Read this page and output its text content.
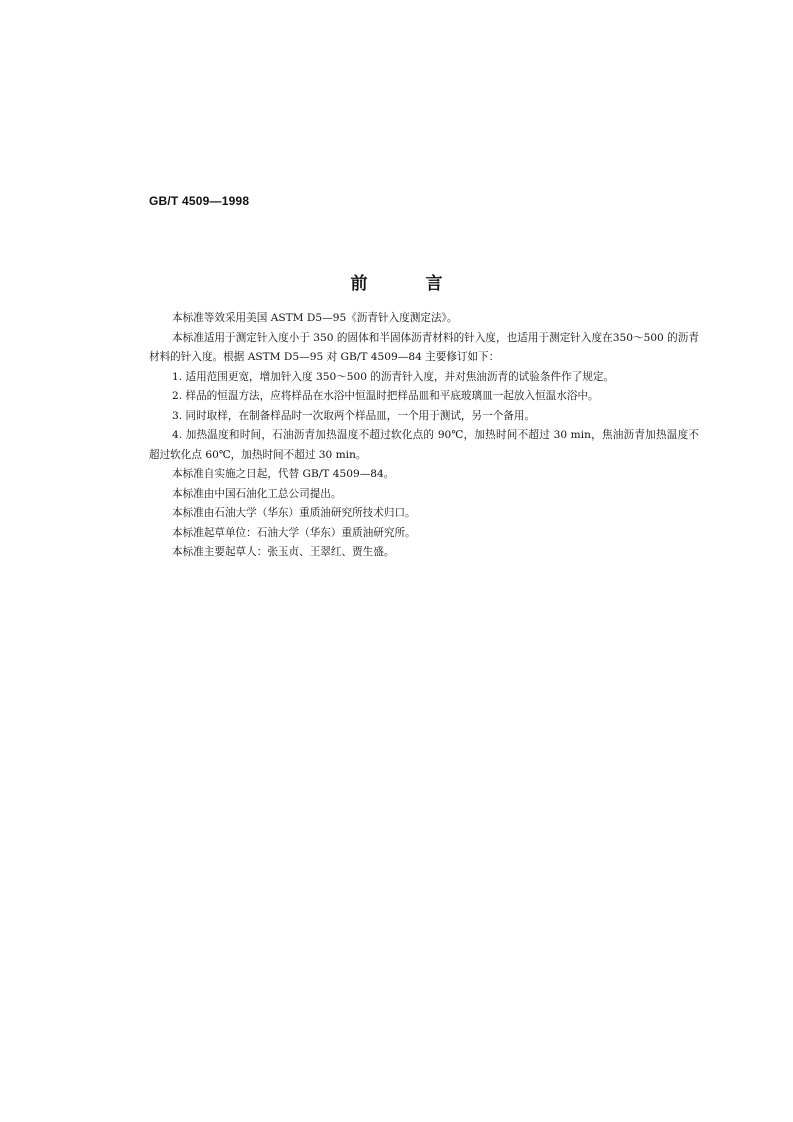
GB/T 4509—1998
前言

本标准等效采用美国 ASTM D5—95《沥青针入度测定法》。

本标准适用于测定针入度小于 350 的固体和半固体沥青材料的针入度，也适用于测定针入度在350～500 的沥青材料的针入度。根据 ASTM D5—95 对 GB/T 4509—84 主要修订如下：

1. 适用范围更宽，增加针入度 350～500 的沥青针入度，并对焦油沥青的试验条件作了规定。

2. 样品的恒温方法，应将样品在水浴中恒温时把样品皿和平底玻璃皿一起放入恒温水浴中。

3. 同时取样，在制备样品时一次取两个样品皿，一个用于测试，另一个备用。

4. 加热温度和时间，石油沥青加热温度不超过软化点的 90℃，加热时间不超过 30 min，焦油沥青加热温度不超过软化点 60℃，加热时间不超过 30 min。

本标准自实施之日起，代替 GB/T 4509—84。

本标准由中国石油化工总公司提出。

本标准由石油大学（华东）重质油研究所技术归口。

本标准起草单位：石油大学（华东）重质油研究所。

本标准主要起草人：张玉贞、王翠红、贾生盛。
